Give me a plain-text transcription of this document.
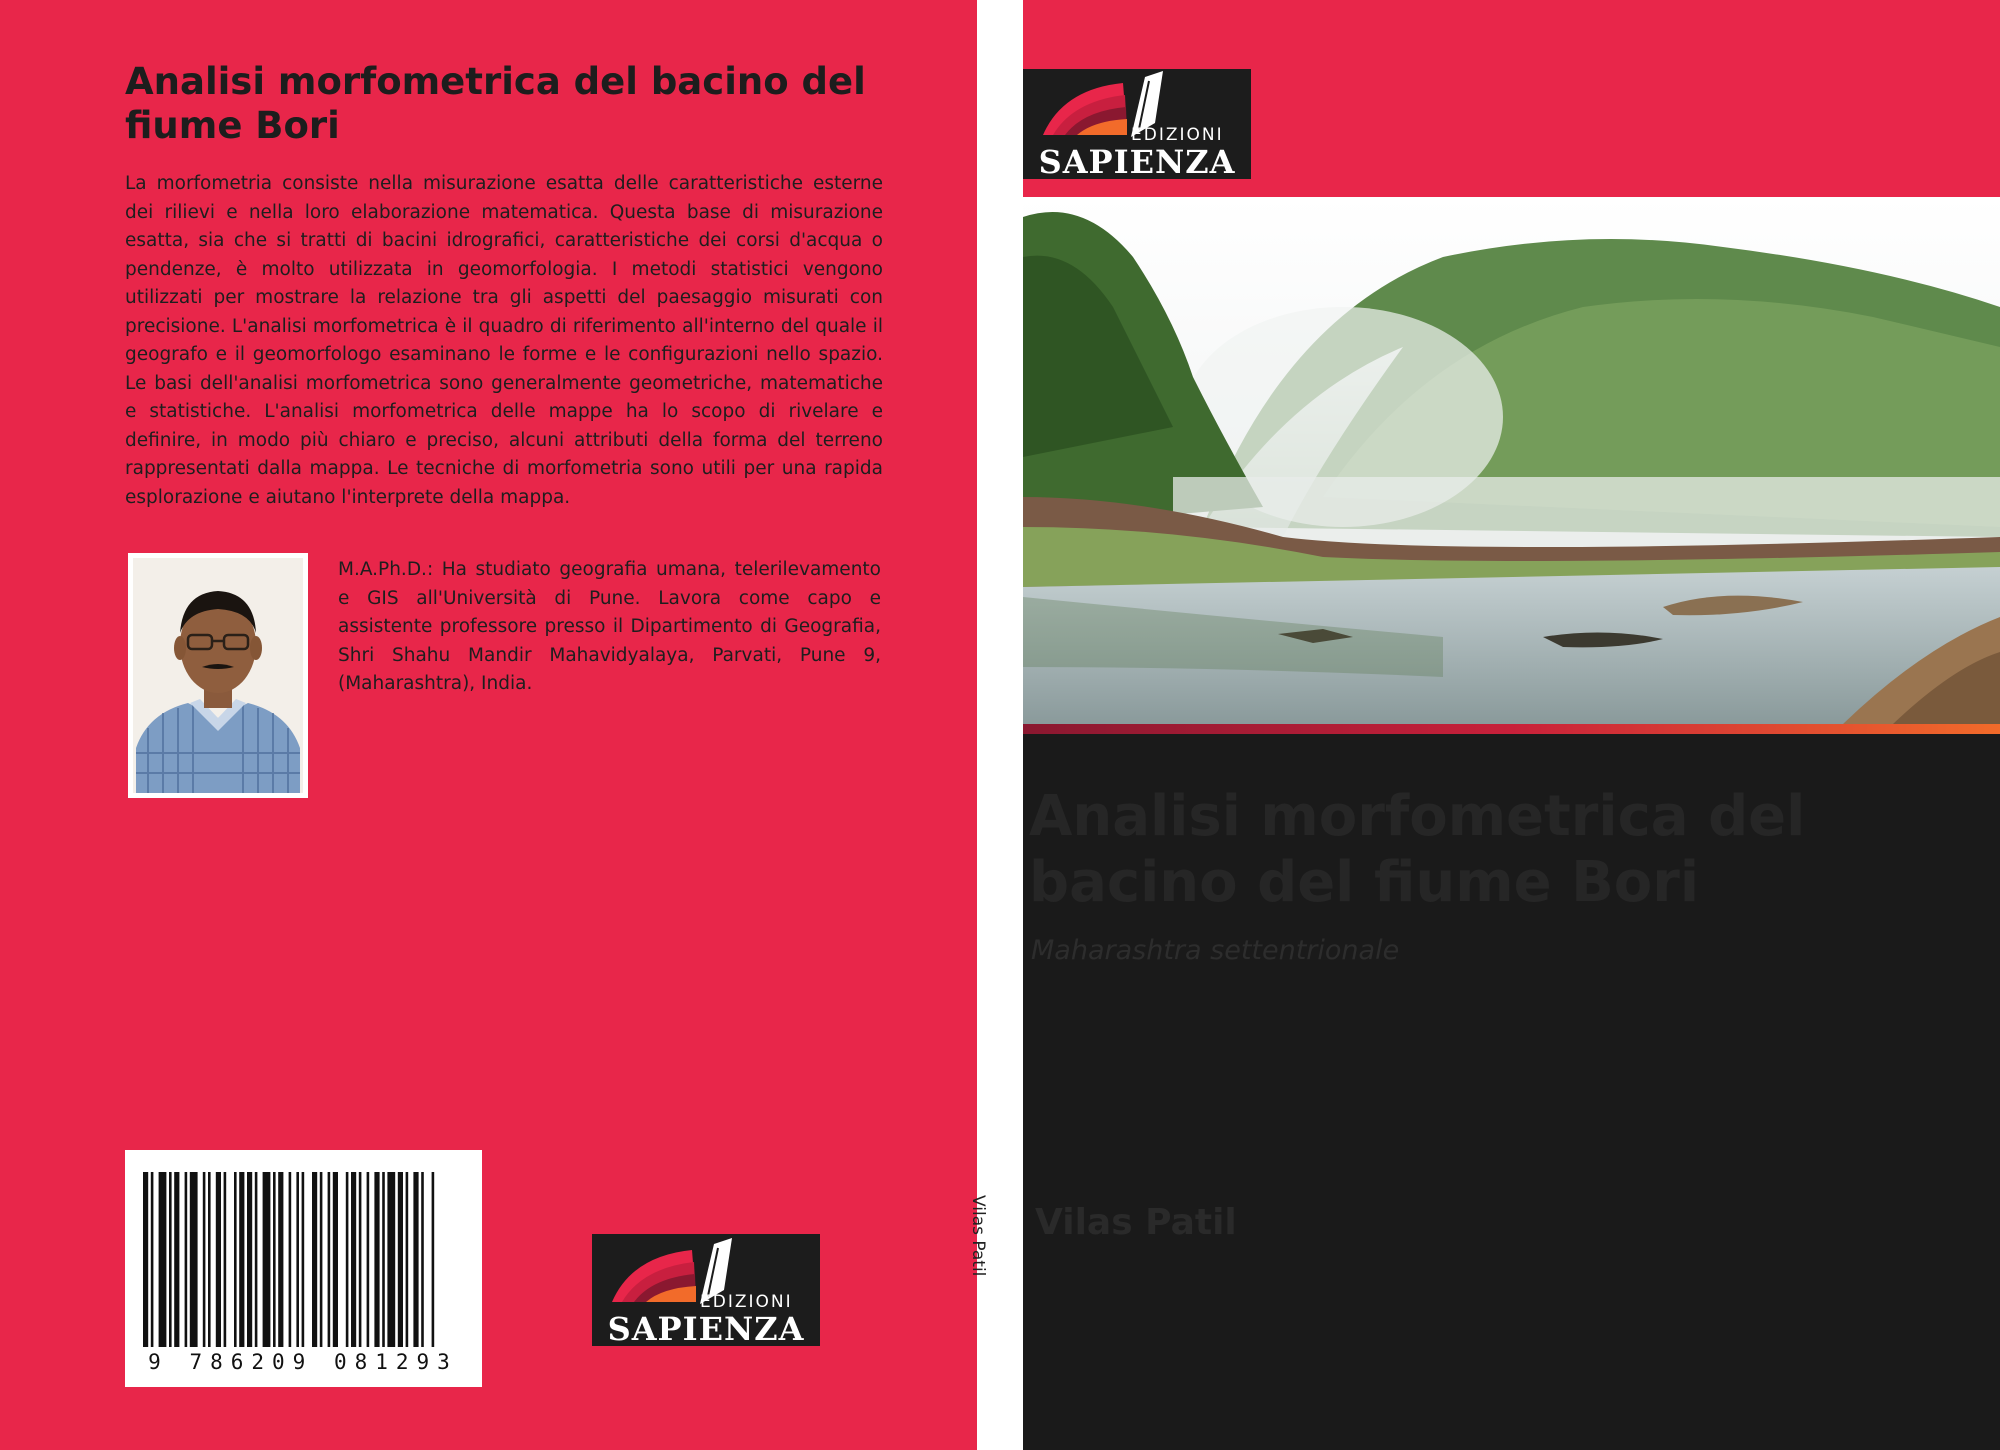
Analisi morfometrica del bacino del fiume Bori

La morfometria consiste nella misurazione esatta delle caratteristiche esterne dei rilievi e nella loro elaborazione matematica. Questa base di misurazione esatta, sia che si tratti di bacini idrografici, caratteristiche dei corsi d'acqua o pendenze, è molto utilizzata in geomorfologia. I metodi statistici vengono utilizzati per mostrare la relazione tra gli aspetti del paesaggio misurati con precisione. L'analisi morfometrica è il quadro di riferimento all'interno del quale il geografo e il geomorfologo esaminano le forme e le configurazioni nello spazio. Le basi dell'analisi morfometrica sono generalmente geometriche, matematiche e statistiche. L'analisi morfometrica delle mappe ha lo scopo di rivelare e definire, in modo più chiaro e preciso, alcuni attributi della forma del terreno rappresentati dalla mappa. Le tecniche di morfometria sono utili per una rapida esplorazione e aiutano l'interprete della mappa.

M.A.Ph.D.: Ha studiato geografia umana, telerilevamento e GIS all'Università di Pune. Lavora come capo e assistente professore presso il Dipartimento di Geografia, Shri Shahu Mandir Mahavidyalaya, Parvati, Pune 9, (Maharashtra), India.

9 786209 081293
EDIZIONI
SAPIENZA
Vilas Patil
EDIZIONI
SAPIENZA
Analisi morfometrica del bacino del fiume Bori
Maharashtra settentrionale
Vilas Patil
